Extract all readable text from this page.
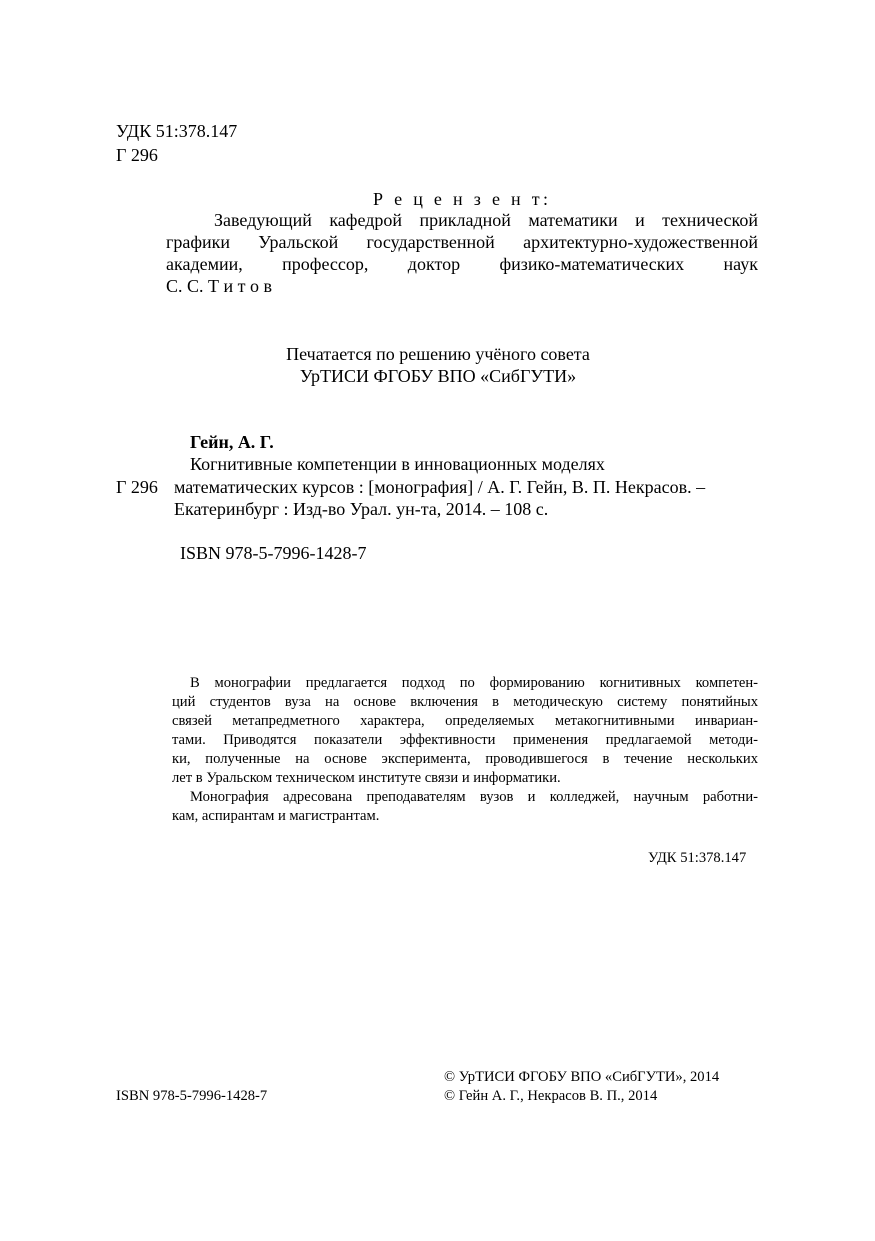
УДК 51:378.147
Г 296
Р е ц е н з е н т:
Заведующий кафедрой прикладной математики и технической
графики Уральской государственной архитектурно-художественной
академии, профессор, доктор физико-математических наук
С. С. Т и т о в
Печатается по решению учёного совета
УрТИСИ ФГОБУ ВПО «СибГУТИ»
Гейн, А. Г.
Когнитивные компетенции в инновационных моделях
Г 296 математических курсов : [монография] / А. Г. Гейн, В. П. Некрасов. –
Екатеринбург : Изд-во Урал. ун-та, 2014. – 108 с.
ISBN 978-5-7996-1428-7
В монографии предлагается подход по формированию когнитивных компетен-
ций студентов вуза на основе включения в методическую систему понятийных
связей метапредметного характера, определяемых метакогнитивными инвариан-
тами. Приводятся показатели эффективности применения предлагаемой методи-
ки, полученные на основе эксперимента, проводившегося в течение нескольких
лет в Уральском техническом институте связи и информатики.
Монография адресована преподавателям вузов и колледжей, научным работни-
кам, аспирантам и магистрантам.
УДК 51:378.147
ISBN 978-5-7996-1428-7
© УрТИСИ ФГОБУ ВПО «СибГУТИ», 2014
© Гейн А. Г., Некрасов В. П., 2014
